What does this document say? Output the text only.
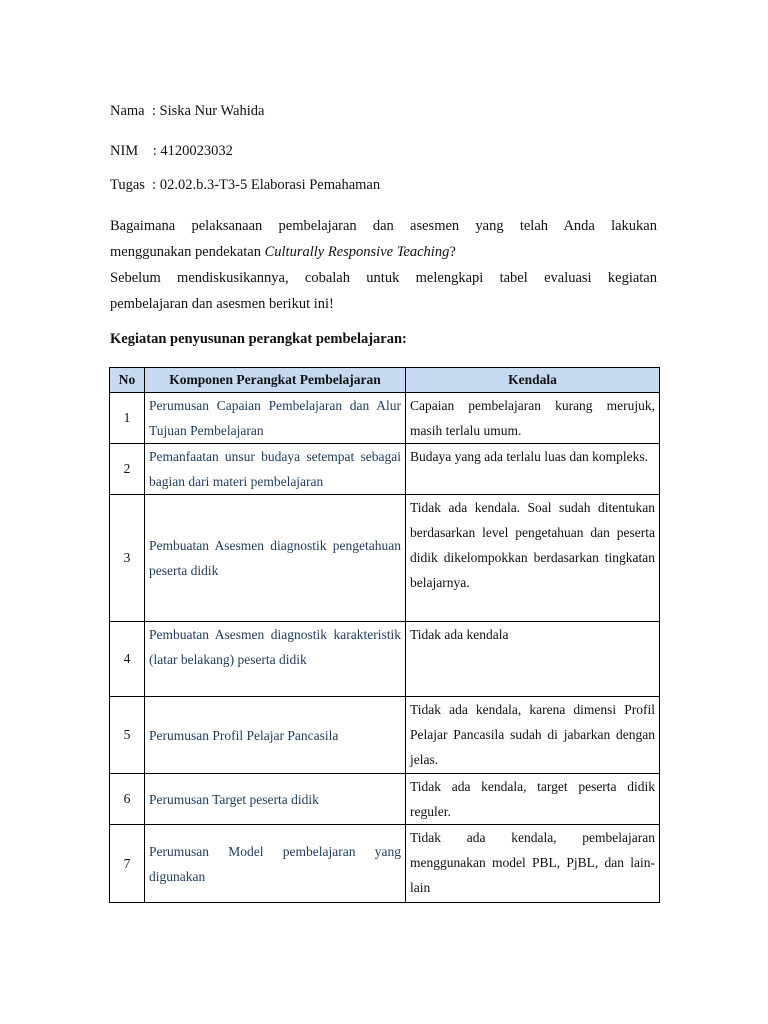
Nama  : Siska Nur Wahida
NIM    : 4120023032
Tugas  : 02.02.b.3-T3-5 Elaborasi Pemahaman
Bagaimana pelaksanaan pembelajaran dan asesmen yang telah Anda lakukan
menggunakan pendekatan Culturally Responsive Teaching?
Sebelum mendiskusikannya, cobalah untuk melengkapi tabel evaluasi kegiatan
pembelajaran dan asesmen berikut ini!
Kegiatan penyusunan perangkat pembelajaran:
No	Komponen Perangkat Pembelajaran	Kendala
1	Perumusan Capaian Pembelajaran dan Alur Tujuan Pembelajaran	Capaian pembelajaran kurang merujuk, masih terlalu umum.
2	Pemanfaatan unsur budaya setempat sebagai bagian dari materi pembelajaran	Budaya yang ada terlalu luas dan kompleks.
3	Pembuatan Asesmen diagnostik pengetahuan peserta didik	Tidak ada kendala. Soal sudah ditentukan berdasarkan level pengetahuan dan peserta didik dikelompokkan berdasarkan tingkatan belajarnya.
4	Pembuatan Asesmen diagnostik karakteristik (latar belakang) peserta didik	Tidak ada kendala
5	Perumusan Profil Pelajar Pancasila	Tidak ada kendala, karena dimensi Profil Pelajar Pancasila sudah di jabarkan dengan jelas.
6	Perumusan Target peserta didik	Tidak ada kendala, target peserta didik reguler.
7	Perumusan Model pembelajaran yang digunakan	Tidak ada kendala, pembelajaran menggunakan model PBL, PjBL, dan lain-lain
